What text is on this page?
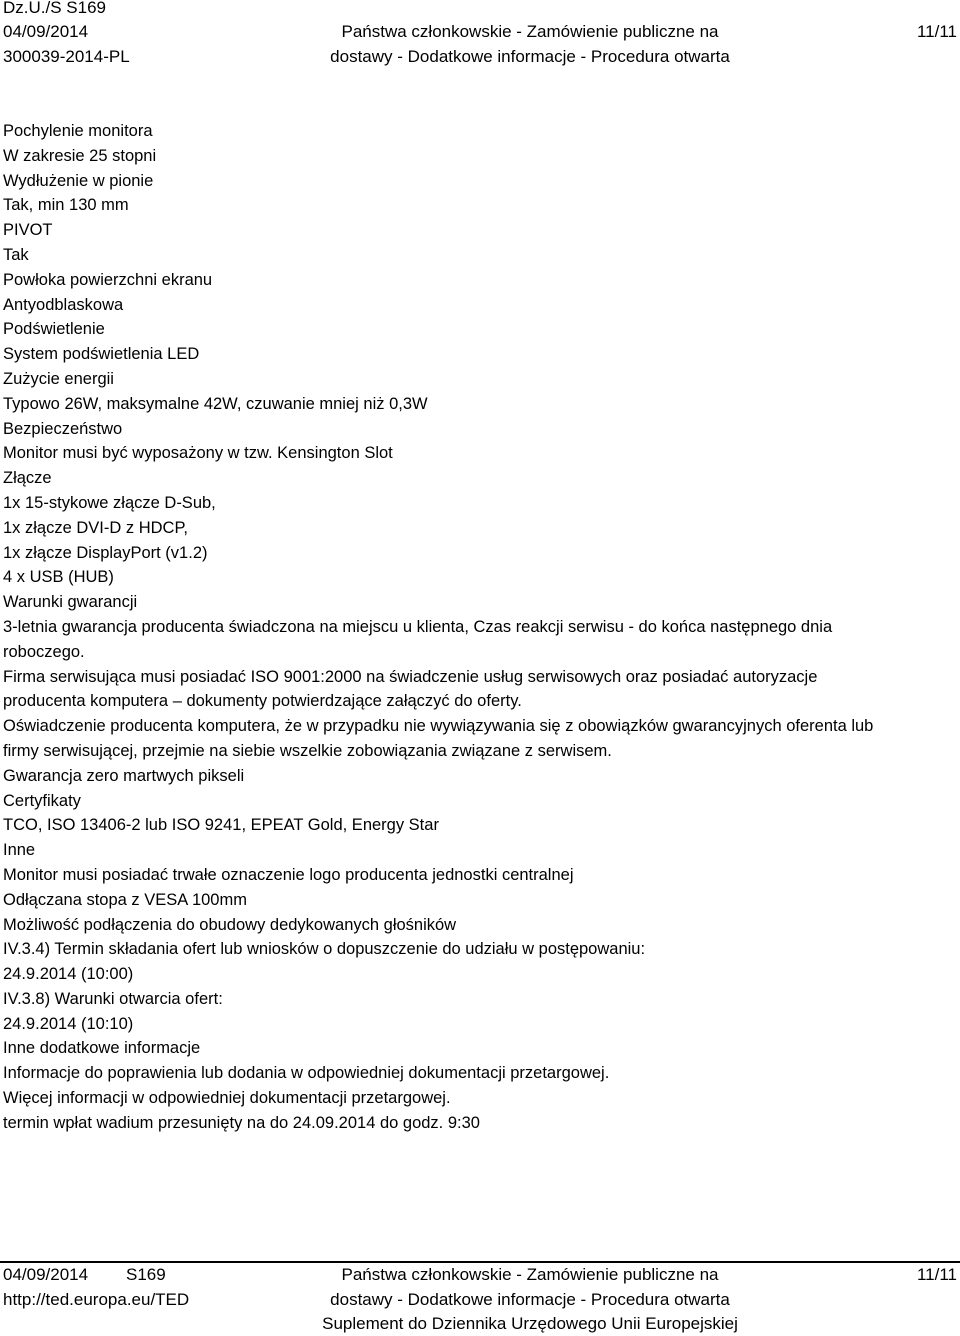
Dz.U./S S169
04/09/2014
300039-2014-PL
Państwa członkowskie - Zamówienie publiczne na
dostawy - Dodatkowe informacje - Procedura otwarta
11/11
Pochylenie monitora
W zakresie 25 stopni
Wydłużenie w pionie
Tak, min 130 mm
PIVOT
Tak
Powłoka powierzchni ekranu
Antyodblaskowa
Podświetlenie
System podświetlenia LED
Zużycie energii
Typowo 26W, maksymalne 42W, czuwanie mniej niż 0,3W
Bezpieczeństwo
Monitor musi być wyposażony w tzw. Kensington Slot
Złącze
1x 15-stykowe złącze D-Sub,
1x złącze DVI-D z HDCP,
1x złącze DisplayPort (v1.2)
4 x USB (HUB)
Warunki gwarancji
3-letnia gwarancja producenta świadczona na miejscu u klienta, Czas reakcji serwisu - do końca następnego dnia
roboczego.
Firma serwisująca musi posiadać ISO 9001:2000 na świadczenie usług serwisowych oraz posiadać autoryzacje
producenta komputera – dokumenty potwierdzające załączyć do oferty.
Oświadczenie producenta komputera, że w przypadku nie wywiązywania się z obowiązków gwarancyjnych oferenta lub
firmy serwisującej, przejmie na siebie wszelkie zobowiązania związane z serwisem.
Gwarancja zero martwych pikseli
Certyfikaty
TCO, ISO 13406-2 lub ISO 9241, EPEAT Gold, Energy Star
Inne
Monitor musi posiadać trwałe oznaczenie logo producenta jednostki centralnej
Odłączana stopa z VESA 100mm
Możliwość podłączenia do obudowy dedykowanych głośników
IV.3.4) Termin składania ofert lub wniosków o dopuszczenie do udziału w postępowaniu:
24.9.2014 (10:00)
IV.3.8) Warunki otwarcia ofert:
24.9.2014 (10:10)
Inne dodatkowe informacje
Informacje do poprawienia lub dodania w odpowiedniej dokumentacji przetargowej.
Więcej informacji w odpowiedniej dokumentacji przetargowej.
termin wpłat wadium przesunięty na do 24.09.2014 do godz. 9:30
04/09/2014 S169
http://ted.europa.eu/TED
Państwa członkowskie - Zamówienie publiczne na
dostawy - Dodatkowe informacje - Procedura otwarta
Suplement do Dziennika Urzędowego Unii Europejskiej
11/11
